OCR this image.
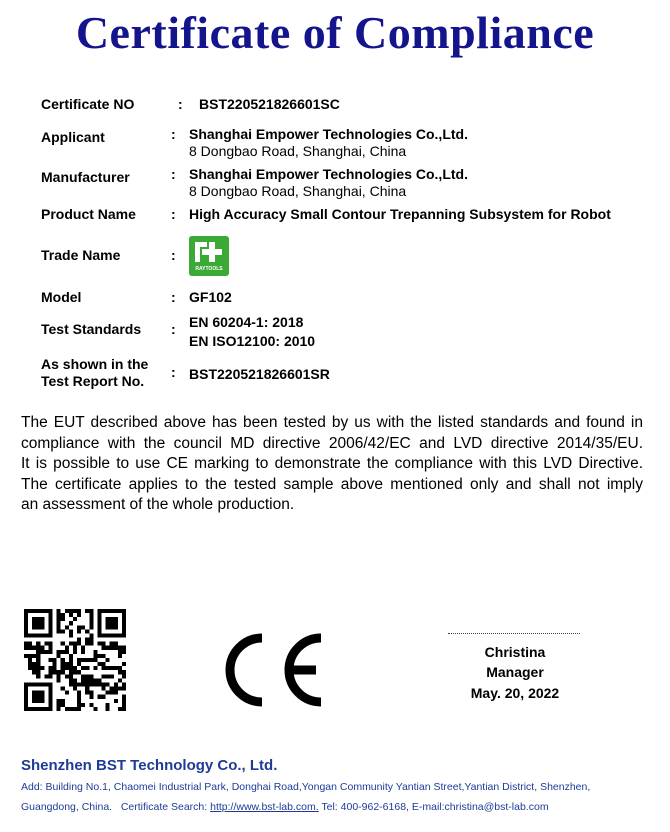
Certificate of Compliance
Certificate NO	: BST220521826601SC
Applicant	: Shanghai Empower Technologies Co.,Ltd.
8 Dongbao Road, Shanghai, China
Manufacturer	: Shanghai Empower Technologies Co.,Ltd.
8 Dongbao Road, Shanghai, China
Product Name	: High Accuracy Small Contour Trepanning Subsystem for Robot
Trade Name	:
RAYTOOLS
Model	: GF102
Test Standards	: EN 60204-1: 2018
EN ISO12100: 2010
As shown in the
Test Report No.
: BST220521826601SR

The EUT described above has been tested by us with the listed standards and found in

compliance with the council MD directive 2006/42/EC and LVD directive 2014/35/EU.

It is possible to use CE marking to demonstrate the compliance with this LVD Directive.

The certificate applies to the tested sample above mentioned only and shall not imply

an assessment of the whole production.

Christina
Manager
May. 20, 2022
Shenzhen BST Technology Co., Ltd.
Add: Building No.1, Chaomei Industrial Park, Donghai Road,Yongan Community Yantian Street,Yantian District, Shenzhen,
Guangdong, China.   Certificate Search: http://www.bst-lab.com. Tel: 400-962-6168, E-mail:christina@bst-lab.com
